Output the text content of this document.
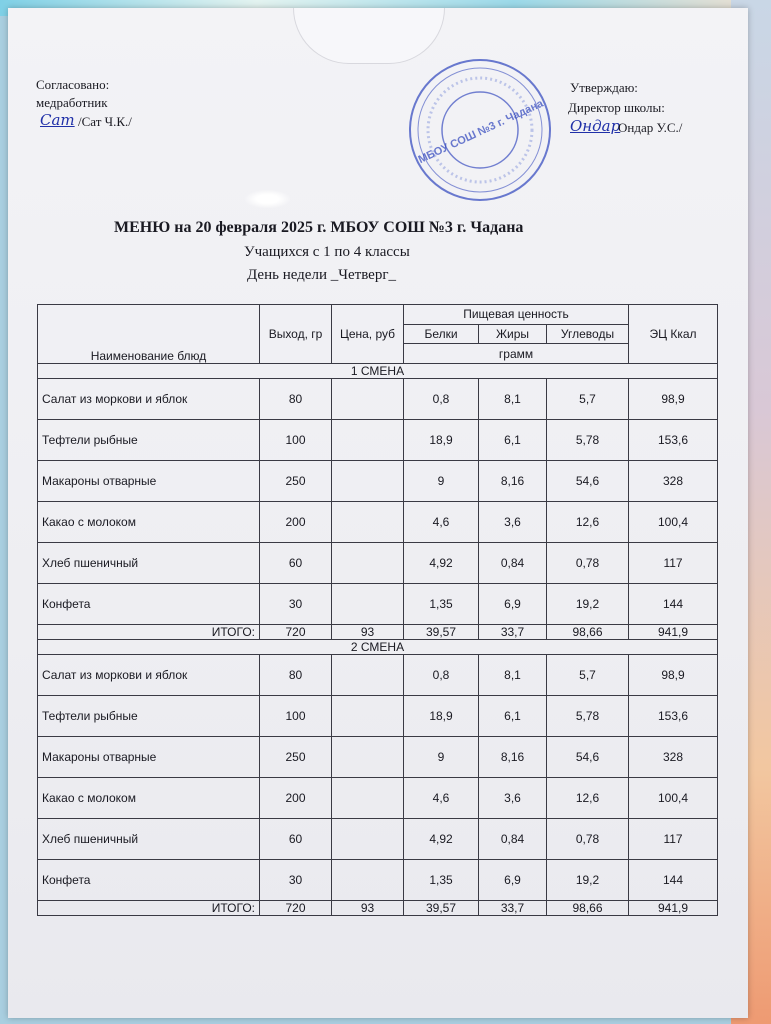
Согласовано:
медработник
Сат /Сат Ч.К./
Утверждаю:
Директор школы:
Ондар
Ондар У.С./
МБОУ СОШ №3 г. Чадана
МЕНЮ на 20 февраля 2025 г. МБОУ СОШ №3 г. Чадана
Учащихся с 1 по 4 классы
День недели _Четверг_
Наименование блюд	Выход, гр	Цена, руб	Пищевая ценность			ЭЦ Ккал
			Белки	Жиры	Углеводы	
			грамм			
1 СМЕНА						
Салат из моркови и яблок	80		0,8	8,1	5,7	98,9
Тефтели рыбные	100		18,9	6,1	5,78	153,6
Макароны отварные	250		9	8,16	54,6	328
Какао с молоком	200		4,6	3,6	12,6	100,4
Хлеб пшеничный	60		4,92	0,84	0,78	117
Конфета	30		1,35	6,9	19,2	144
ИТОГО:	720	93	39,57	33,7	98,66	941,9
2 СМЕНА						
Салат из моркови и яблок	80		0,8	8,1	5,7	98,9
Тефтели рыбные	100		18,9	6,1	5,78	153,6
Макароны отварные	250		9	8,16	54,6	328
Какао с молоком	200		4,6	3,6	12,6	100,4
Хлеб пшеничный	60		4,92	0,84	0,78	117
Конфета	30		1,35	6,9	19,2	144
ИТОГО:	720	93	39,57	33,7	98,66	941,9
